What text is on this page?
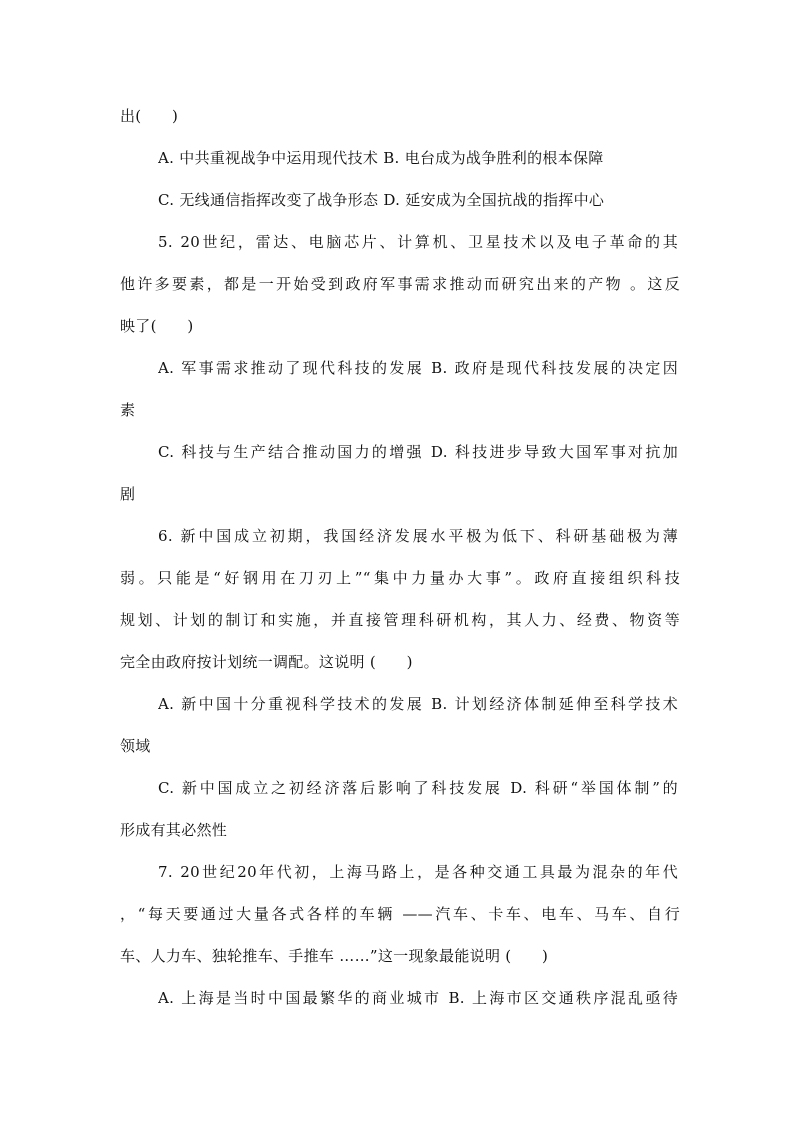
出(　　)
A. 中共重视战争中运用现代技术 B. 电台成为战争胜利的根本保障
C. 无线通信指挥改变了战争形态 D. 延安成为全国抗战的指挥中心
5. 20世纪，雷达、电脑芯片、计算机、卫星技术以及电子革命的其
他许多要素，都是一开始受到政府军事需求推动而研究出来的产物 。这反
映了(　　)
A. 军事需求推动了现代科技的发展 B. 政府是现代科技发展的决定因
素
C. 科技与生产结合推动国力的增强 D. 科技进步导致大国军事对抗加
剧
6. 新中国成立初期，我国经济发展水平极为低下、科研基础极为薄
弱。只能是“好钢用在刀刃上”“集中力量办大事”。政府直接组织科技
规划、计划的制订和实施，并直接管理科研机构，其人力、经费、物资等
完全由政府按计划统一调配。这说明 (　　)
A. 新中国十分重视科学技术的发展 B. 计划经济体制延伸至科学技术
领域
C. 新中国成立之初经济落后影响了科技发展 D. 科研“举国体制”的
形成有其必然性
7. 20世纪20年代初，上海马路上，是各种交通工具最为混杂的年代
，“每天要通过大量各式各样的车辆 ——汽车、卡车、电车、马车、自行
车、人力车、独轮推车、手推车 ……”这一现象最能说明 (　　)
A. 上海是当时中国最繁华的商业城市 B. 上海市区交通秩序混乱亟待
